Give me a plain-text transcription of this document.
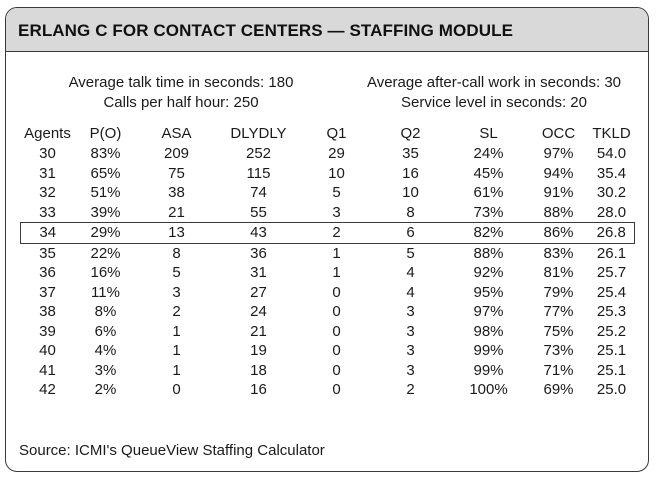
ERLANG C FOR CONTACT CENTERS — STAFFING MODULE
Average talk time in seconds: 180
Calls per half hour: 250
Average after-call work in seconds: 30
Service level in seconds: 20
Agents	P(O)	ASA	DLYDLY	Q1	Q2	SL	OCC	TKLD
30	83%	209	252	29	35	24%	97%	54.0
31	65%	75	115	10	16	45%	94%	35.4
32	51%	38	74	5	10	61%	91%	30.2
33	39%	21	55	3	8	73%	88%	28.0
34	29%	13	43	2	6	82%	86%	26.8
35	22%	8	36	1	5	88%	83%	26.1
36	16%	5	31	1	4	92%	81%	25.7
37	11%	3	27	0	4	95%	79%	25.4
38	8%	2	24	0	3	97%	77%	25.3
39	6%	1	21	0	3	98%	75%	25.2
40	4%	1	19	0	3	99%	73%	25.1
41	3%	1	18	0	3	99%	71%	25.1
42	2%	0	16	0	2	100%	69%	25.0
Source: ICMI's QueueView Staffing Calculator
